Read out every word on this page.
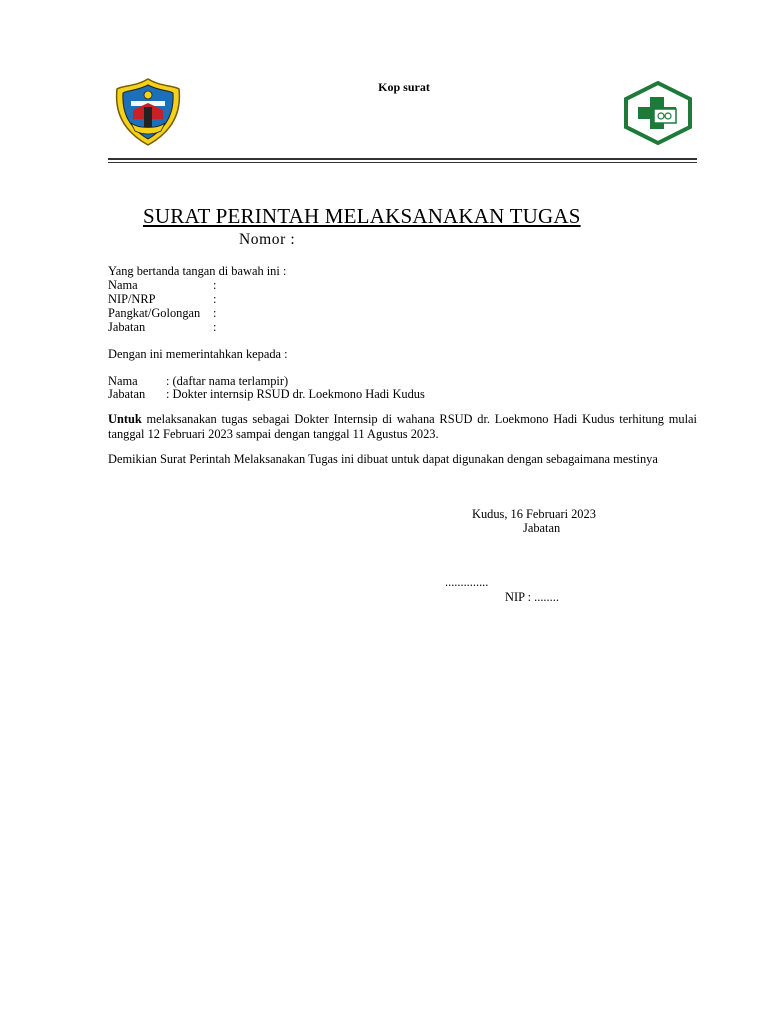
Kop surat
SURAT PERINTAH MELAKSANAKAN TUGAS
Nomor :
Yang bertanda tangan di bawah ini :
Nama	:
NIP/NRP	:
Pangkat/Golongan :
Jabatan	:
Dengan ini memerintahkan kepada :
Nama : (daftar nama terlampir)
Jabatan : Dokter internsip RSUD dr. Loekmono Hadi Kudus
Untuk melaksanakan tugas sebagai Dokter Internsip di wahana RSUD dr. Loekmono Hadi Kudus terhitung mulai tanggal 12 Februari 2023 sampai dengan tanggal 11 Agustus 2023.
Demikian Surat Perintah Melaksanakan Tugas ini dibuat untuk dapat digunakan dengan sebagaimana mestinya
Kudus, 16 Februari 2023
Jabatan
..............
NIP : ........
